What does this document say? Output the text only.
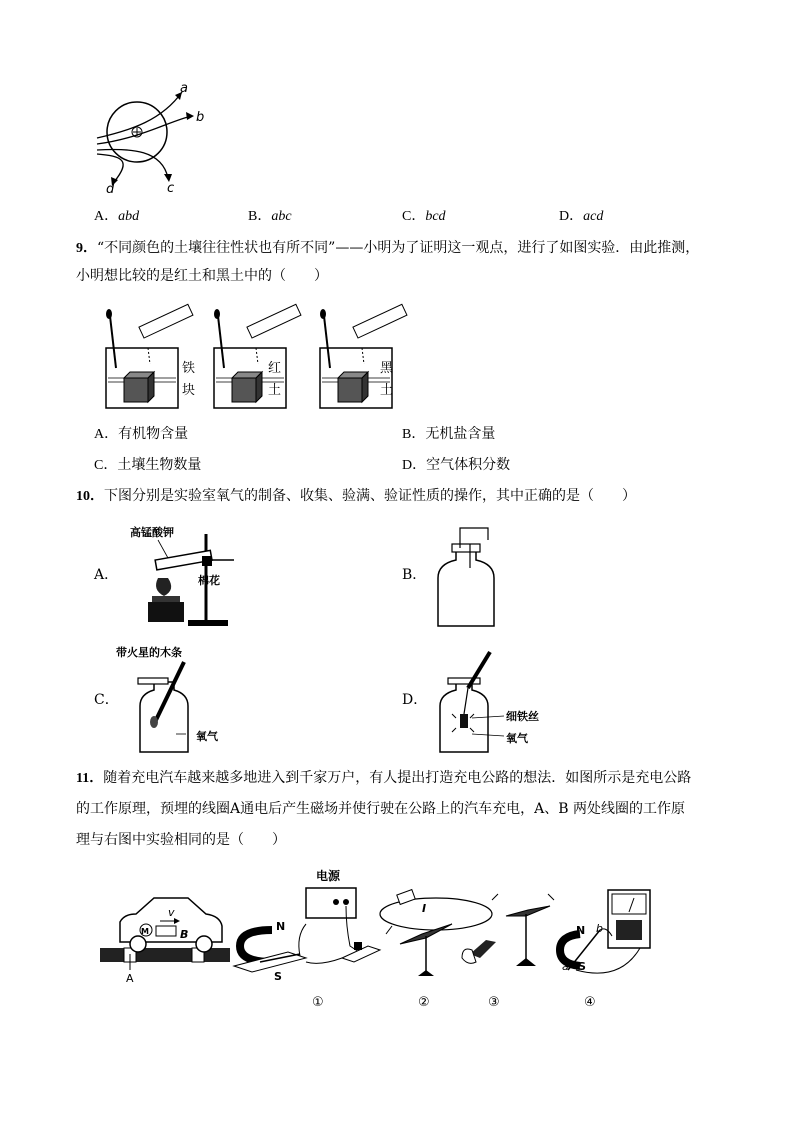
a
b
c
d
A．abd	B．abc	C．bcd	D．acd
9．“不同颜色的土壤往往性状也有所不同”——小明为了证明这一观点，进行了如图实验．由此推测，
小明想比较的是红土和黑土中的（　　）
铁
块
红
土
黑
土
A．有机物含量	B．无机盐含量
C．土壤生物数量	D．空气体积分数
10．下图分别是实验室氧气的制备、收集、验满、验证性质的操作，其中正确的是（　　）
A．
高锰酸钾
棉花	B．
C．
带火星的木条
氧气
D．
细铁丝
氧气
11．随着充电汽车越来越多地进入到千家万户，有人提出打造充电公路的想法．如图所示是充电公路
的工作原理，预埋的线圈A通电后产生磁场并使行驶在公路上的汽车充电，A、B 两处线圈的工作原
理与右图中实验相同的是（　　）
M
v
B
A
电源
N
S
①
I
②	③
N
S
a
b
④
